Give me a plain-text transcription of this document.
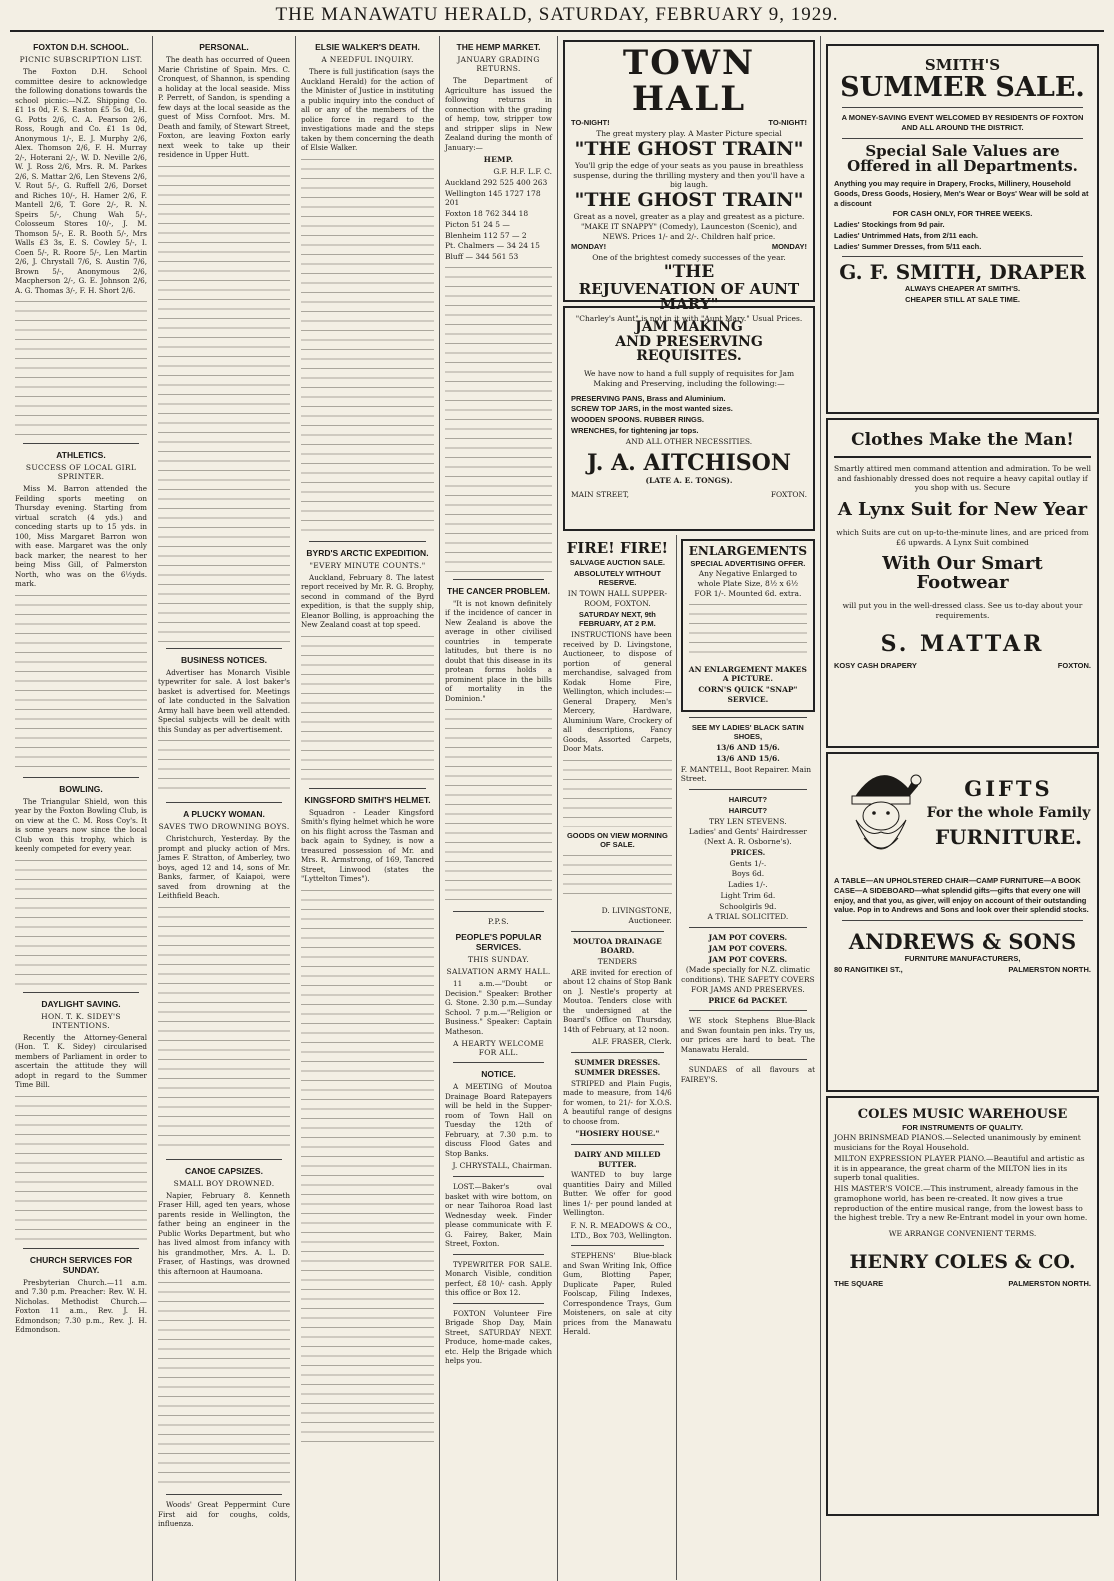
THE MANAWATU HERALD, SATURDAY, FEBRUARY 9, 1929.
FOXTON D.H. SCHOOL.
PICNIC SUBSCRIPTION LIST.

The Foxton D.H. School committee desire to acknowledge the following donations towards the school picnic:—N.Z. Shipping Co. £1 1s 0d, F. S. Easton £5 5s 0d, H. G. Potts 2/6, C. A. Pearson 2/6, Ross, Rough and Co. £1 1s 0d, Anonymous 1/-, E. J. Murphy 2/6, Alex. Thomson 2/6, F. H. Murray 2/-, Hoterani 2/-, W. D. Neville 2/6, W. J. Ross 2/6, Mrs. R. M. Parkes 2/6, S. Mattar 2/6, Len Stevens 2/6, V. Rout 5/-, G. Ruffell 2/6, Dorset and Riches 10/-, H. Hamer 2/6, F. Mantell 2/6, T. Gore 2/-, R. N. Speirs 5/-, Chung Wah 5/-, Colosseum Stores 10/-, J. M. Thomson 5/-, E. R. Booth 5/-, Mrs Walls £3 3s, E. S. Cowley 5/-, I. Coen 5/-, R. Roore 5/-, Len Martin 2/6, J. Chrystall 7/6, S. Austin 7/6, Brown 5/-, Anonymous 2/6, Macpherson 2/-, G. E. Johnson 2/6, A. G. Thomas 3/-, F. H. Short 2/6.

ATHLETICS.
SUCCESS OF LOCAL GIRL SPRINTER.

Miss M. Barron attended the Feilding sports meeting on Thursday evening. Starting from virtual scratch (4 yds.) and conceding starts up to 15 yds. in 100, Miss Margaret Barron won with ease. Margaret was the only back marker, the nearest to her being Miss Gill, of Palmerston North, who was on the 6½yds. mark.

BOWLING.

The Triangular Shield, won this year by the Foxton Bowling Club, is on view at the C. M. Ross Coy's. It is some years now since the local Club won this trophy, which is keenly competed for every year.

DAYLIGHT SAVING.
HON. T. K. SIDEY'S INTENTIONS.

Recently the Attorney-General (Hon. T. K. Sidey) circularised members of Parliament in order to ascertain the attitude they will adopt in regard to the Summer Time Bill.

CHURCH SERVICES FOR SUNDAY.

Presbyterian Church.—11 a.m. and 7.30 p.m. Preacher: Rev. W. H. Nicholas. Methodist Church.—Foxton 11 a.m., Rev. J. H. Edmondson; 7.30 p.m., Rev. J. H. Edmondson.

PERSONAL.

The death has occurred of Queen Marie Christine of Spain. Mrs. C. Cronquest, of Shannon, is spending a holiday at the local seaside. Miss P. Perrett, of Sandon, is spending a few days at the local seaside as the guest of Miss Cornfoot. Mrs. M. Death and family, of Stewart Street, Foxton, are leaving Foxton early next week to take up their residence in Upper Hutt.

BUSINESS NOTICES.

Advertiser has Monarch Visible typewriter for sale. A lost baker's basket is advertised for. Meetings of late conducted in the Salvation Army hall have been well attended. Special subjects will be dealt with this Sunday as per advertisement.

A PLUCKY WOMAN.
SAVES TWO DROWNING BOYS.

Christchurch, Yesterday. By the prompt and plucky action of Mrs. James F. Stratton, of Amberley, two boys, aged 12 and 14, sons of Mr. Banks, farmer, of Kaiapoi, were saved from drowning at the Leithfield Beach.

CANOE CAPSIZES.
SMALL BOY DROWNED.

Napier, February 8. Kenneth Fraser Hill, aged ten years, whose parents reside in Wellington, the father being an engineer in the Public Works Department, but who has lived almost from infancy with his grandmother, Mrs. A. L. D. Fraser, of Hastings, was drowned this afternoon at Haumoana.

Woods' Great Peppermint Cure First aid for coughs, colds, influenza.

ELSIE WALKER'S DEATH.
A NEEDFUL INQUIRY.

There is full justification (says the Auckland Herald) for the action of the Minister of Justice in instituting a public inquiry into the conduct of all or any of the members of the police force in regard to the investigations made and the steps taken by them concerning the death of Elsie Walker.

BYRD'S ARCTIC EXPEDITION.
"EVERY MINUTE COUNTS."

Auckland, February 8. The latest report received by Mr. R. G. Brophy, second in command of the Byrd expedition, is that the supply ship, Eleanor Bolling, is approaching the New Zealand coast at top speed.

KINGSFORD SMITH'S HELMET.

Squadron - Leader Kingsford Smith's flying helmet which he wore on his flight across the Tasman and back again to Sydney, is now a treasured possession of Mr. and Mrs. R. Armstrong, of 169, Tancred Street, Linwood (states the "Lyttelton Times").

THE HEMP MARKET.
JANUARY GRADING RETURNS.

The Department of Agriculture has issued the following returns in connection with the grading of hemp, tow, stripper tow and stripper slips in New Zealand during the month of January:—

HEMP.
G.F. H.F. L.F. C.
Auckland 292 525 400 263
Wellington 145 1727 178 201
Foxton 18 762 344 18
Picton 51 24 5 —
Blenheim 112 57 — 2
Pt. Chalmers — 34 24 15
Bluff — 344 561 53
THE CANCER PROBLEM.

"It is not known definitely if the incidence of cancer in New Zealand is above the average in other civilised countries in temperate latitudes, but there is no doubt that this disease in its protean forms holds a prominent place in the bills of mortality in the Dominion."

P.P.S.
PEOPLE'S POPULAR SERVICES.
THIS SUNDAY.
SALVATION ARMY HALL.

11 a.m.—"Doubt or Decision." Speaker: Brother G. Stone. 2.30 p.m.—Sunday School. 7 p.m.—"Religion or Business." Speaker: Captain Matheson.

A HEARTY WELCOME FOR ALL.
NOTICE.

A MEETING of Moutoa Drainage Board Ratepayers will be held in the Supper-room of Town Hall on Tuesday the 12th of February, at 7.30 p.m. to discuss Flood Gates and Stop Banks.

J. CHRYSTALL, Chairman.

LOST.—Baker's oval basket with wire bottom, on or near Taihoroa Road last Wednesday week. Finder please communicate with F. G. Fairey, Baker, Main Street, Foxton.

TYPEWRITER FOR SALE. Monarch Visible, condition perfect, £8 10/- cash. Apply this office or Box 12.

FOXTON Volunteer Fire Brigade Shop Day, Main Street, SATURDAY NEXT. Produce, home-made cakes, etc. Help the Brigade which helps you.

TOWN HALL
TO-NIGHT!	TO-NIGHT!
The great mystery play. A Master Picture special
"THE GHOST TRAIN"
You'll grip the edge of your seats as you pause in breathless suspense, during the thrilling mystery and then you'll have a big laugh.
"THE GHOST TRAIN"
Great as a novel, greater as a play and greatest as a picture. "MAKE IT SNAPPY" (Comedy), Launceston (Scenic), and NEWS. Prices 1/- and 2/-. Children half price.
MONDAY!	MONDAY!
One of the brightest comedy successes of the year.
"THE
REJUVENATION OF AUNT MARY"
"Charley's Aunt" is not in it with "Aunt Mary." Usual Prices.
JAM MAKING
AND PRESERVING REQUISITES.
We have now to hand a full supply of requisites for Jam Making and Preserving, including the following:—
PRESERVING PANS, Brass and Aluminium.
SCREW TOP JARS, in the most wanted sizes.
WOODEN SPOONS. RUBBER RINGS.
WRENCHES, for tightening jar tops.
AND ALL OTHER NECESSITIES.
J. A. AITCHISON
(LATE A. E. TONGS).
MAIN STREET,	FOXTON.
FIRE! FIRE!
SALVAGE AUCTION SALE.
ABSOLUTELY WITHOUT RESERVE.
IN TOWN HALL SUPPER-ROOM, FOXTON.
SATURDAY NEXT, 9th FEBRUARY, AT 2 P.M.

INSTRUCTIONS have been received by D. Livingstone, Auctioneer, to dispose of portion of general merchandise, salvaged from Kodak Home Fire, Wellington, which includes:—General Drapery, Men's Mercery, Hardware, Aluminium Ware, Crockery of all descriptions, Fancy Goods, Assorted Carpets, Door Mats.

GOODS ON VIEW MORNING OF SALE.
D. LIVINGSTONE, Auctioneer.
MOUTOA DRAINAGE BOARD.
TENDERS

ARE invited for erection of about 12 chains of Stop Bank on J. Nestle's property at Moutoa. Tenders close with the undersigned at the Board's Office on Thursday, 14th of February, at 12 noon.

ALF. FRASER, Clerk.
SUMMER DRESSES. SUMMER DRESSES.

STRIPED and Plain Fugis, made to measure, from 14/6 for women, to 21/- for X.O.S. A beautiful range of designs to choose from.

"HOSIERY HOUSE."
DAIRY AND MILLED BUTTER.

WANTED to buy large quantities Dairy and Milled Butter. We offer for good lines 1/- per pound landed at Wellington.

F. N. R. MEADOWS & CO., LTD., Box 703, Wellington.

STEPHENS' Blue-black and Swan Writing Ink, Office Gum, Blotting Paper, Duplicate Paper, Ruled Foolscap, Filing Indexes, Correspondence Trays, Gum Moisteners, on sale at city prices from the Manawatu Herald.

ENLARGEMENTS
SPECIAL ADVERTISING OFFER.
Any Negative Enlarged to whole Plate Size, 8½ x 6½ FOR 1/-. Mounted 6d. extra.
AN ENLARGEMENT MAKES A PICTURE.
CORN'S QUICK "SNAP" SERVICE.
SEE MY LADIES' BLACK SATIN SHOES,
13/6 AND 15/6.
13/6 AND 15/6.
F. MANTELL, Boot Repairer. Main Street.
HAIRCUT?
HAIRCUT?
TRY LEN STEVENS.
Ladies' and Gents' Hairdresser (Next A. R. Osborne's).
PRICES.
Gents 1/-.
Boys 6d.
Ladies 1/-.
Light Trim 6d.
Schoolgirls 9d.
A TRIAL SOLICITED.
JAM POT COVERS.
JAM POT COVERS.
JAM POT COVERS.
(Made specially for N.Z. climatic conditions). THE SAFETY COVERS FOR JAMS AND PRESERVES.
PRICE 6d PACKET.

WE stock Stephens Blue-Black and Swan fountain pen inks. Try us, our prices are hard to beat. The Manawatu Herald.

SUNDAES of all flavours at FAIREY'S.

SMITH'S
SUMMER SALE.
A MONEY-SAVING EVENT WELCOMED BY RESIDENTS OF FOXTON AND ALL AROUND THE DISTRICT.
Special Sale Values are Offered in all Departments.
Anything you may require in Drapery, Frocks, Millinery, Household Goods, Dress Goods, Hosiery, Men's Wear or Boys' Wear will be sold at a discount
FOR CASH ONLY, FOR THREE WEEKS.
Ladies' Stockings from 9d pair.
Ladies' Untrimmed Hats, from 2/11 each.
Ladies' Summer Dresses, from 5/11 each.
G. F. SMITH, DRAPER
ALWAYS CHEAPER AT SMITH'S.
CHEAPER STILL AT SALE TIME.
Clothes Make the Man!
Smartly attired men command attention and admiration. To be well and fashionably dressed does not require a heavy capital outlay if you shop with us. Secure
A Lynx Suit for New Year
which Suits are cut on up-to-the-minute lines, and are priced from £6 upwards. A Lynx Suit combined
With Our Smart Footwear
will put you in the well-dressed class. See us to-day about your requirements.
S. MATTAR
KOSY CASH DRAPERY	FOXTON.
GIFTS
For the whole Family
FURNITURE.
A TABLE—AN UPHOLSTERED CHAIR—CAMP FURNITURE—A BOOK CASE—A SIDEBOARD—what splendid gifts—gifts that every one will enjoy, and that you, as giver, will enjoy on account of their outstanding value. Pop in to Andrews and Sons and look over their splendid stocks.
ANDREWS & SONS
FURNITURE MANUFACTURERS,
80 RANGITIKEI ST.,	PALMERSTON NORTH.
COLES MUSIC WAREHOUSE
FOR INSTRUMENTS OF QUALITY.
JOHN BRINSMEAD PIANOS.—Selected unanimously by eminent musicians for the Royal Household.
MILTON EXPRESSION PLAYER PIANO.—Beautiful and artistic as it is in appearance, the great charm of the MILTON lies in its superb tonal qualities.
HIS MASTER'S VOICE.—This instrument, already famous in the gramophone world, has been re-created. It now gives a true reproduction of the entire musical range, from the lowest bass to the highest treble. Try a new Re-Entrant model in your own home.
WE ARRANGE CONVENIENT TERMS.
HENRY COLES & CO.
THE SQUARE	PALMERSTON NORTH.
